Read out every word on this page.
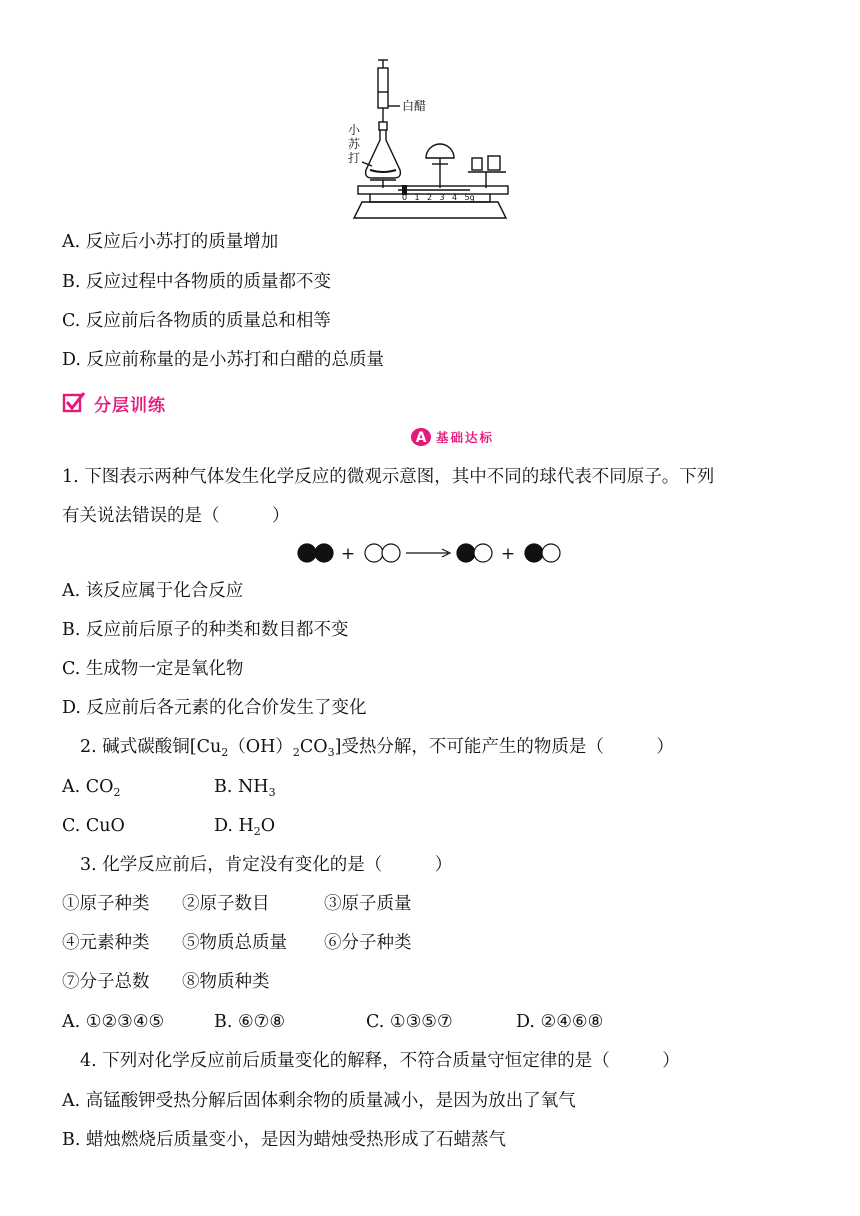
白醋
小
苏
打
0 1 2 3 4 5g
A. 反应后小苏打的质量增加
B. 反应过程中各物质的质量都不变
C. 反应前后各物质的质量总和相等
D. 反应前称量的是小苏打和白醋的总质量
分层训练
A 基础达标
1. 下图表示两种气体发生化学反应的微观示意图，其中不同的球代表不同原子。下列
有关说法错误的是（　　　）
+	+
A. 该反应属于化合反应
B. 反应前后原子的种类和数目都不变
C. 生成物一定是氧化物
D. 反应前后各元素的化合价发生了变化
2. 碱式碳酸铜$[Cu_2(OH)_2CO_3]$受热分解，不可能产生的物质是（　　　）
A. $CO_2$	B. $NH_3$
C. CuO	D. $H_2O$
3. 化学反应前后，肯定没有变化的是（　　　）
①原子种类 ②原子数目	③原子质量
④元素种类 ⑤物质总质量 ⑥分子种类
⑦分子总数 ⑧物质种类
A. ①②③④⑤	B. ⑥⑦⑧	C. ①③⑤⑦	D. ②④⑥⑧
4. 下列对化学反应前后质量变化的解释，不符合质量守恒定律的是（　　　）
A. 高锰酸钾受热分解后固体剩余物的质量减小，是因为放出了氧气
B. 蜡烛燃烧后质量变小，是因为蜡烛受热形成了石蜡蒸气
